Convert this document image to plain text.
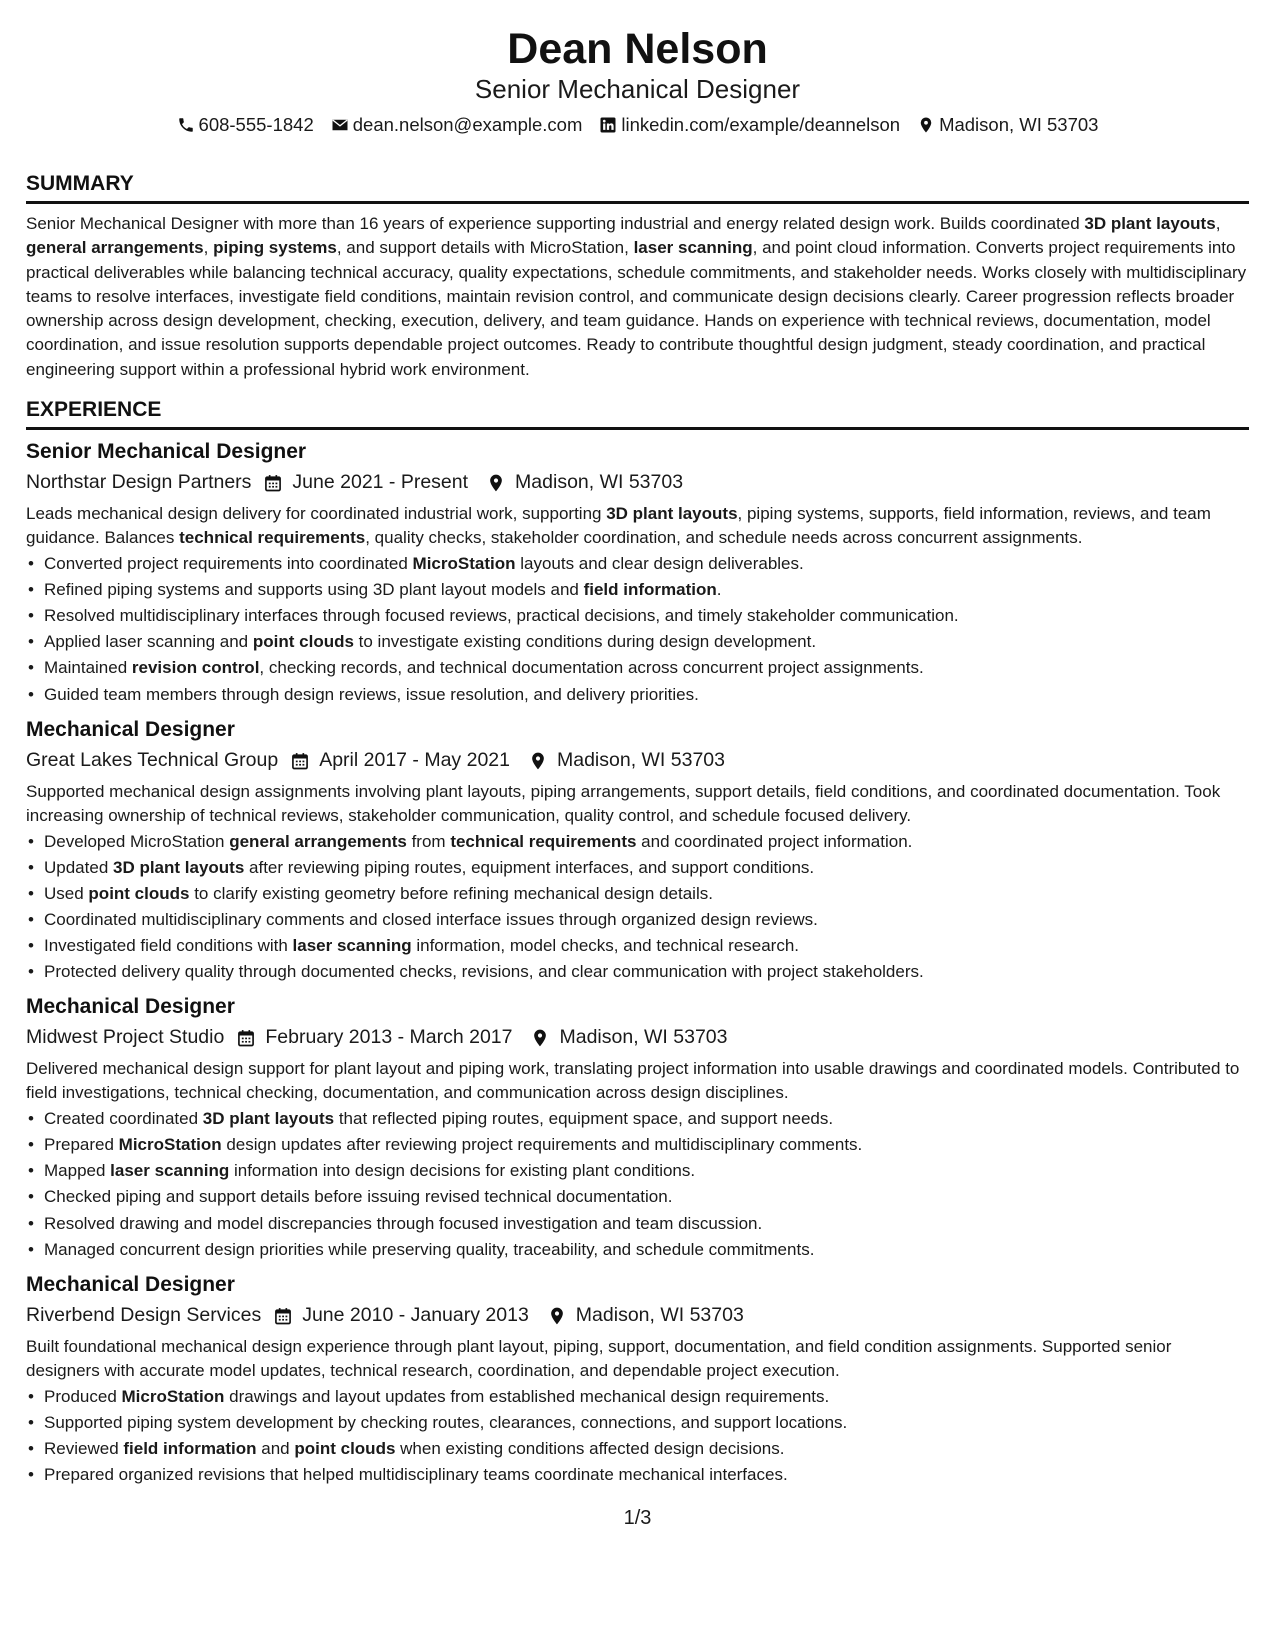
Dean Nelson
Senior Mechanical Designer
608-555-1842 dean.nelson@example.com linkedin.com/example/deannelson Madison, WI 53703
SUMMARY
Senior Mechanical Designer with more than 16 years of experience supporting industrial and energy related design work. Builds coordinated 3D plant layouts, general arrangements, piping systems, and support details with MicroStation, laser scanning, and point cloud information. Converts project requirements into practical deliverables while balancing technical accuracy, quality expectations, schedule commitments, and stakeholder needs. Works closely with multidisciplinary teams to resolve interfaces, investigate field conditions, maintain revision control, and communicate design decisions clearly. Career progression reflects broader ownership across design development, checking, execution, delivery, and team guidance. Hands on experience with technical reviews, documentation, model coordination, and issue resolution supports dependable project outcomes. Ready to contribute thoughtful design judgment, steady coordination, and practical engineering support within a professional hybrid work environment.
EXPERIENCE
Senior Mechanical Designer
Northstar Design Partners June 2021 - Present Madison, WI 53703
Leads mechanical design delivery for coordinated industrial work, supporting 3D plant layouts, piping systems, supports, field information, reviews, and team guidance. Balances technical requirements, quality checks, stakeholder coordination, and schedule needs across concurrent assignments.
• Converted project requirements into coordinated MicroStation layouts and clear design deliverables.
• Refined piping systems and supports using 3D plant layout models and field information.
• Resolved multidisciplinary interfaces through focused reviews, practical decisions, and timely stakeholder communication.
• Applied laser scanning and point clouds to investigate existing conditions during design development.
• Maintained revision control, checking records, and technical documentation across concurrent project assignments.
• Guided team members through design reviews, issue resolution, and delivery priorities.
Mechanical Designer
Great Lakes Technical Group April 2017 - May 2021 Madison, WI 53703
Supported mechanical design assignments involving plant layouts, piping arrangements, support details, field conditions, and coordinated documentation. Took increasing ownership of technical reviews, stakeholder communication, quality control, and schedule focused delivery.
• Developed MicroStation general arrangements from technical requirements and coordinated project information.
• Updated 3D plant layouts after reviewing piping routes, equipment interfaces, and support conditions.
• Used point clouds to clarify existing geometry before refining mechanical design details.
• Coordinated multidisciplinary comments and closed interface issues through organized design reviews.
• Investigated field conditions with laser scanning information, model checks, and technical research.
• Protected delivery quality through documented checks, revisions, and clear communication with project stakeholders.
Mechanical Designer
Midwest Project Studio February 2013 - March 2017 Madison, WI 53703
Delivered mechanical design support for plant layout and piping work, translating project information into usable drawings and coordinated models. Contributed to field investigations, technical checking, documentation, and communication across design disciplines.
• Created coordinated 3D plant layouts that reflected piping routes, equipment space, and support needs.
• Prepared MicroStation design updates after reviewing project requirements and multidisciplinary comments.
• Mapped laser scanning information into design decisions for existing plant conditions.
• Checked piping and support details before issuing revised technical documentation.
• Resolved drawing and model discrepancies through focused investigation and team discussion.
• Managed concurrent design priorities while preserving quality, traceability, and schedule commitments.
Mechanical Designer
Riverbend Design Services June 2010 - January 2013 Madison, WI 53703
Built foundational mechanical design experience through plant layout, piping, support, documentation, and field condition assignments. Supported senior designers with accurate model updates, technical research, coordination, and dependable project execution.
• Produced MicroStation drawings and layout updates from established mechanical design requirements.
• Supported piping system development by checking routes, clearances, connections, and support locations.
• Reviewed field information and point clouds when existing conditions affected design decisions.
• Prepared organized revisions that helped multidisciplinary teams coordinate mechanical interfaces.
1/3
